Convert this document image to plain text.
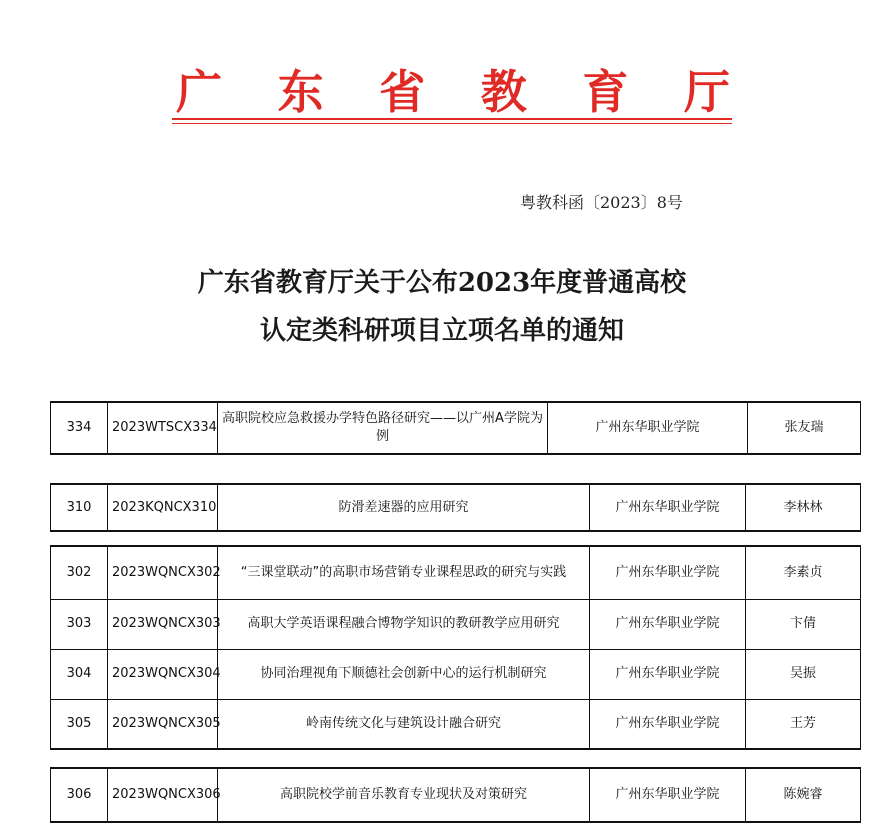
广 东 省 教 育 厅
粤教科函〔2023〕8号
广东省教育厅关于公布2023年度普通高校
认定类科研项目立项名单的通知
334	2023WTSCX334	高职院校应急救援办学特色路径研究——以广州A学院为例	广州东华职业学院	张友瑞
310	2023KQNCX310	防滑差速器的应用研究	广州东华职业学院	李林林
302	2023WQNCX302	“三课堂联动”的高职市场营销专业课程思政的研究与实践	广州东华职业学院	李素贞
303	2023WQNCX303	高职大学英语课程融合博物学知识的教研教学应用研究	广州东华职业学院	卞倩
304	2023WQNCX304	协同治理视角下顺德社会创新中心的运行机制研究	广州东华职业学院	吴振
305	2023WQNCX305	岭南传统文化与建筑设计融合研究	广州东华职业学院	王芳
306	2023WQNCX306	高职院校学前音乐教育专业现状及对策研究	广州东华职业学院	陈婉睿
